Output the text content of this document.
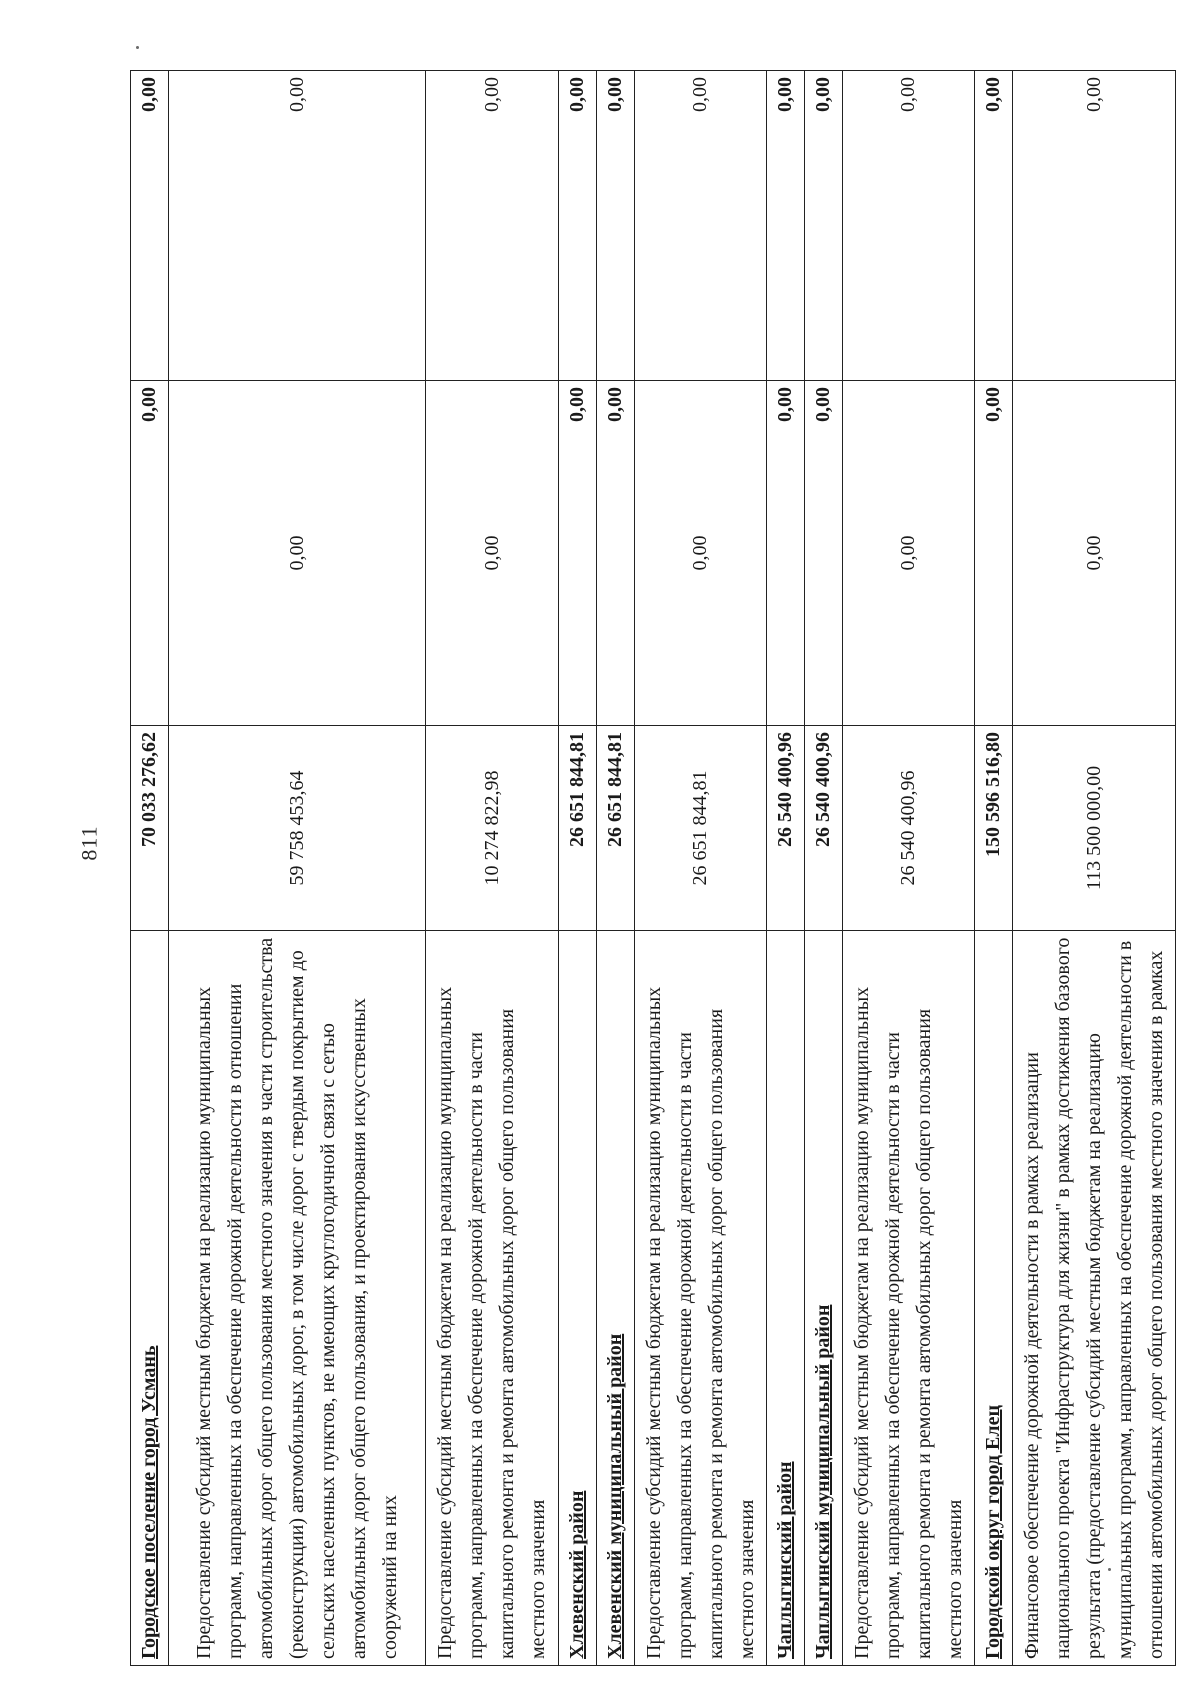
811
Городское поселение город Усмань	70 033 276,62	0,00	0,00
Предоставление субсидий местным бюджетам на реализацию муниципальных программ, направленных на обеспечение дорожной деятельности в отношении автомобильных дорог общего пользования местного значения в части строительства (реконструкции) автомобильных дорог, в том числе дорог с твердым покрытием до сельских населенных пунктов, не имеющих круглогодичной связи с сетью автомобильных дорог общего пользования, и проектирования искусственных сооружений на них	59 758 453,64	0,00	0,00
Предоставление субсидий местным бюджетам на реализацию муниципальных программ, направленных на обеспечение дорожной деятельности в части капитального ремонта и ремонта автомобильных дорог общего пользования местного значения	10 274 822,98	0,00	0,00
Хлевенский район	26 651 844,81	0,00	0,00
Хлевенский муниципальный район	26 651 844,81	0,00	0,00
Предоставление субсидий местным бюджетам на реализацию муниципальных программ, направленных на обеспечение дорожной деятельности в части капитального ремонта и ремонта автомобильных дорог общего пользования местного значения	26 651 844,81	0,00	0,00
Чаплыгинский район	26 540 400,96	0,00	0,00
Чаплыгинский муниципальный район	26 540 400,96	0,00	0,00
Предоставление субсидий местным бюджетам на реализацию муниципальных программ, направленных на обеспечение дорожной деятельности в части капитального ремонта и ремонта автомобильных дорог общего пользования местного значения	26 540 400,96	0,00	0,00
Городской округ город Елец	150 596 516,80	0,00	0,00
Финансовое обеспечение дорожной деятельности в рамках реализации национального проекта "Инфраструктура для жизни" в рамках достижения базового результата (предоставление субсидий местным бюджетам на реализацию муниципальных программ, направленных на обеспечение дорожной деятельности в отношении автомобильных дорог общего пользования местного значения в рамках	113 500 000,00	0,00	0,00
